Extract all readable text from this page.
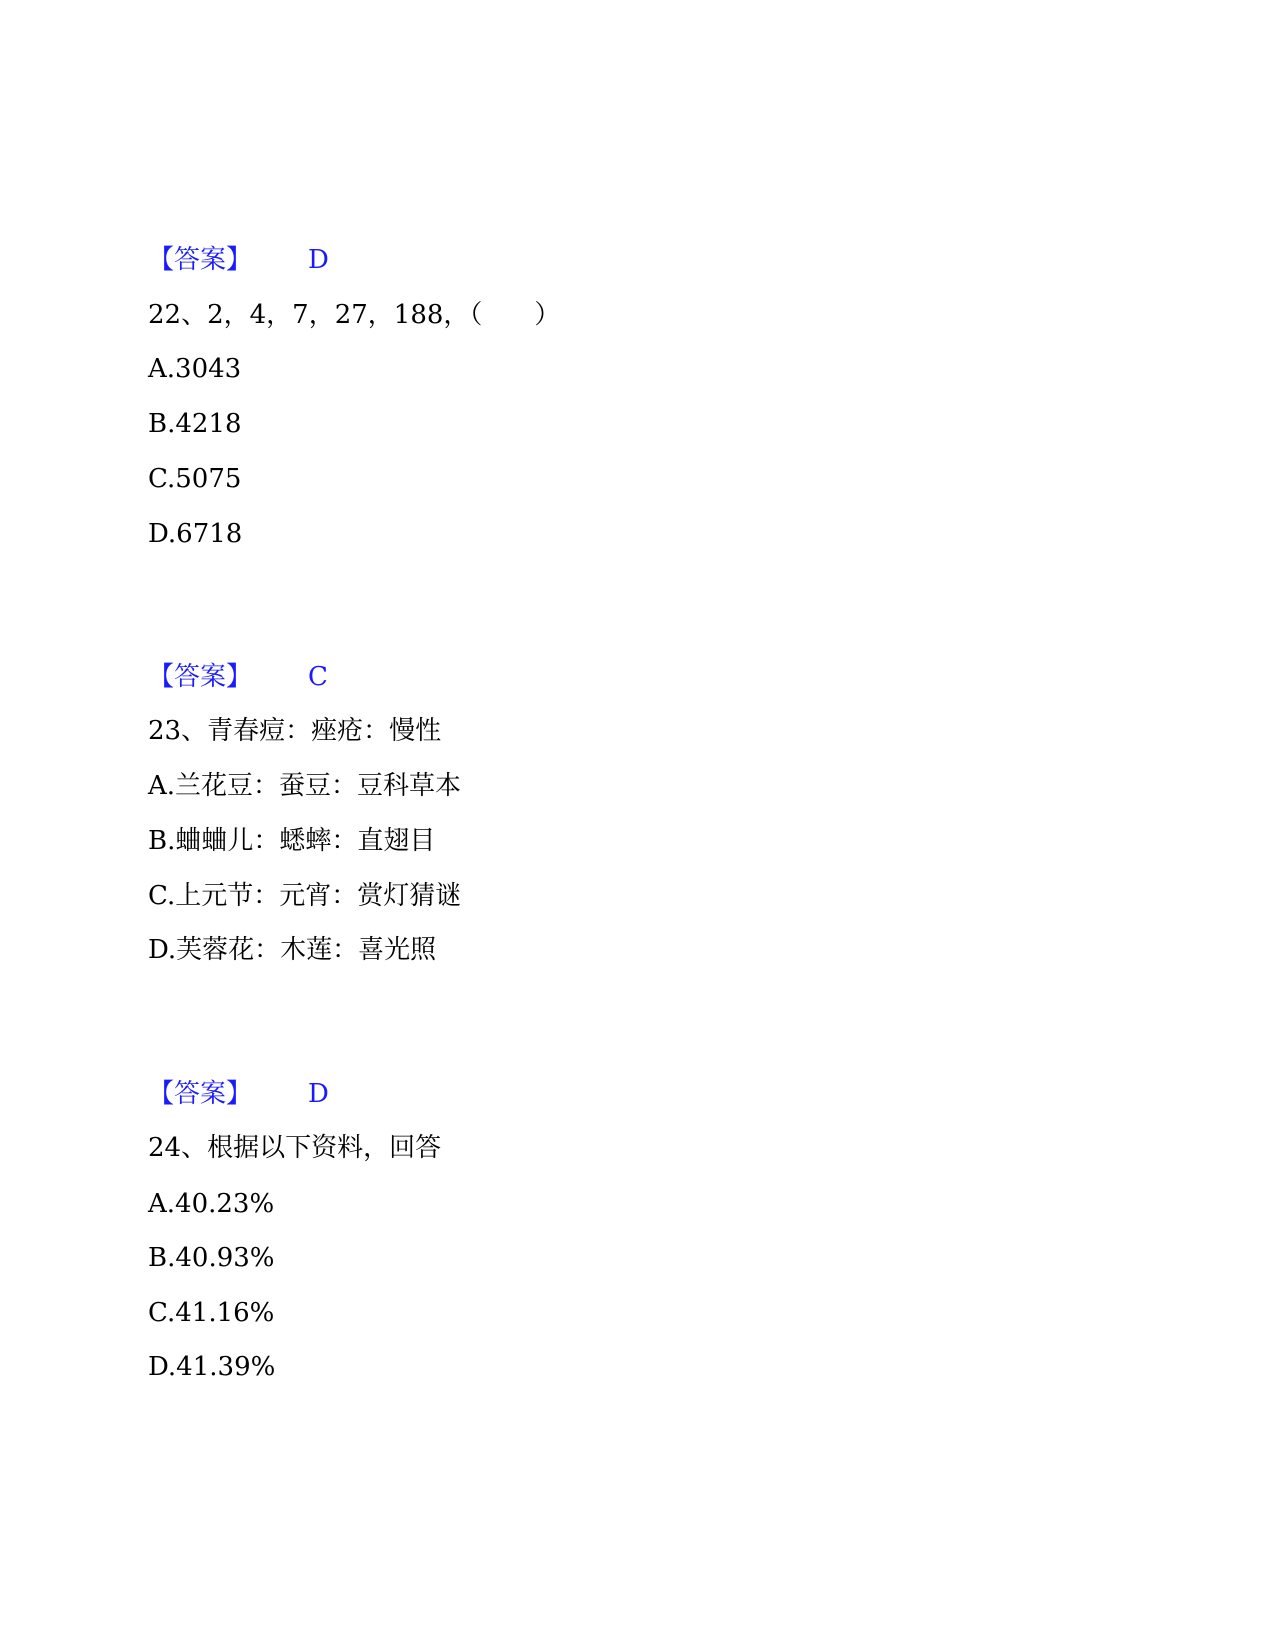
【答案】 D
22、2，4，7，27，188，（　　）
A.3043
B.4218
C.5075
D.6718
【答案】 C
23、青春痘：痤疮：慢性
A.兰花豆：蚕豆：豆科草本
B.蛐蛐儿：蟋蟀：直翅目
C.上元节：元宵：赏灯猜谜
D.芙蓉花：木莲：喜光照
【答案】 D
24、根据以下资料，回答
A.40.23%
B.40.93%
C.41.16%
D.41.39%
